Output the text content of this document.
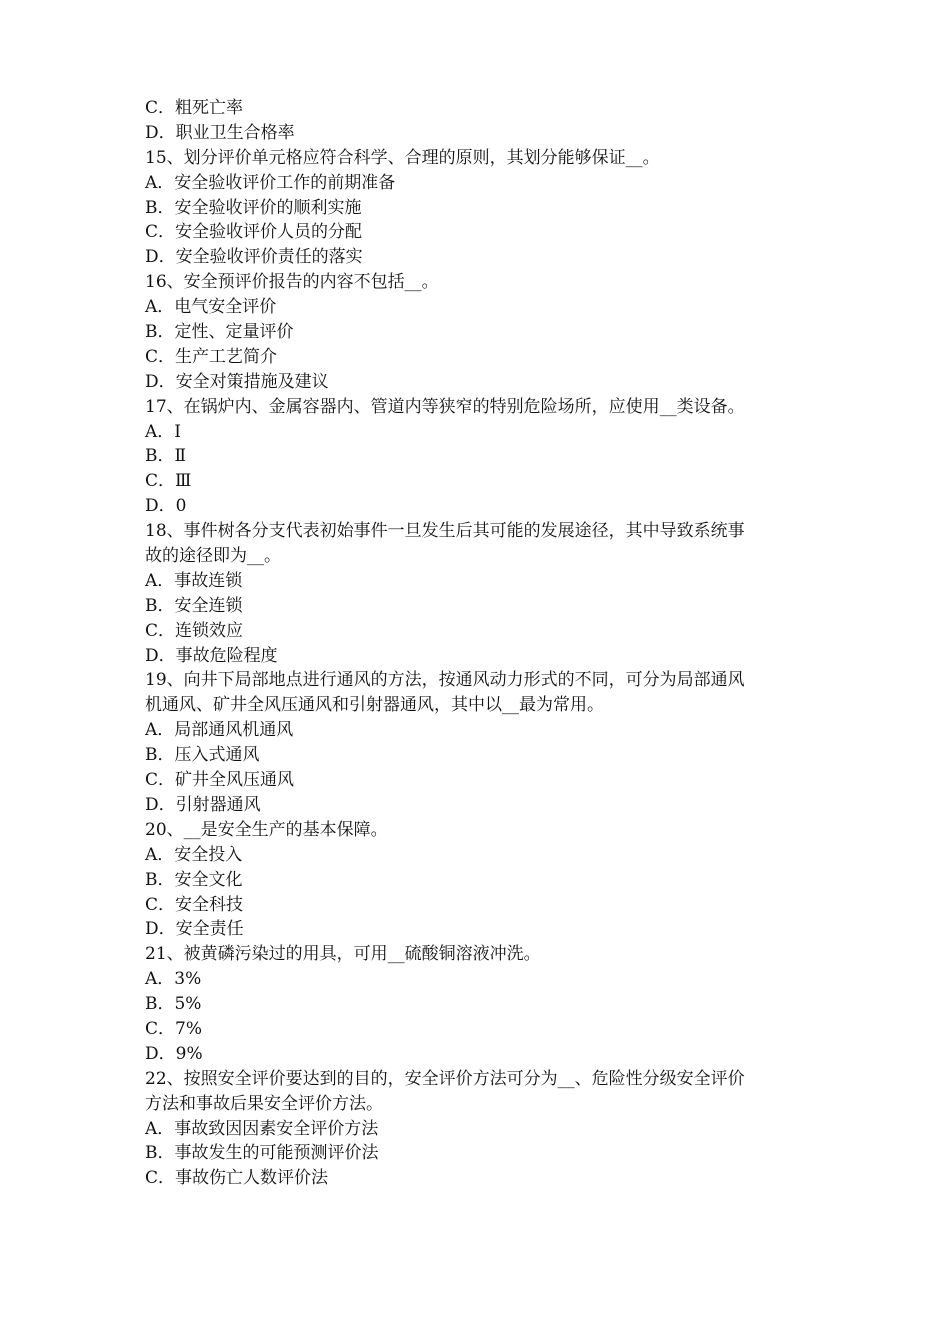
C．粗死亡率
D．职业卫生合格率
15、划分评价单元格应符合科学、合理的原则，其划分能够保证__。
A．安全验收评价工作的前期准备
B．安全验收评价的顺利实施
C．安全验收评价人员的分配
D．安全验收评价责任的落实
16、安全预评价报告的内容不包括__。
A．电气安全评价
B．定性、定量评价
C．生产工艺简介
D．安全对策措施及建议
17、在锅炉内、金属容器内、管道内等狭窄的特别危险场所，应使用__类设备。
A．Ⅰ
B．Ⅱ
C．Ⅲ
D．0
18、事件树各分支代表初始事件一旦发生后其可能的发展途径，其中导致系统事
故的途径即为__。
A．事故连锁
B．安全连锁
C．连锁效应
D．事故危险程度
19、向井下局部地点进行通风的方法，按通风动力形式的不同，可分为局部通风
机通风、矿井全风压通风和引射器通风，其中以__最为常用。
A．局部通风机通风
B．压入式通风
C．矿井全风压通风
D．引射器通风
20、__是安全生产的基本保障。
A．安全投入
B．安全文化
C．安全科技
D．安全责任
21、被黄磷污染过的用具，可用__硫酸铜溶液冲洗。
A．3%
B．5%
C．7%
D．9%
22、按照安全评价要达到的目的，安全评价方法可分为__、危险性分级安全评价
方法和事故后果安全评价方法。
A．事故致因因素安全评价方法
B．事故发生的可能预测评价法
C．事故伤亡人数评价法
